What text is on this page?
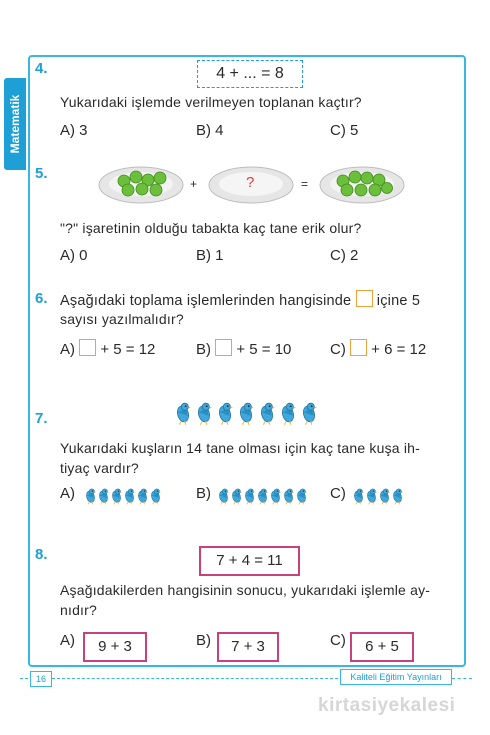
Matematik
4.	4 + ... = 8
Yukarıdaki işlemde verilmeyen toplanan kaçtır?
A) 3	B) 4	C) 5
5.
+	?	=
"?" işaretinin olduğu tabakta kaç tane erik olur?
A) 0	B) 1	C) 2
6. Aşağıdaki toplama işlemlerinden hangisinde içine 5
sayısı yazılmalıdır?
A) + 5 = 12	B) + 5 = 10	C) + 6 = 12
7.
Yukarıdaki kuşların 14 tane olması için kaç tane kuşa ih-
tiyaç vardır?
A)	B)	C)
8.	7 + 4 = 11
Aşağıdakilerden hangisinin sonucu, yukarıdaki işlemle ay-
nıdır?
A)	9 + 3	B)	7 + 3	C)	6 + 5
16	Kaliteli Eğitim Yayınları
kirtasiyekalesi
